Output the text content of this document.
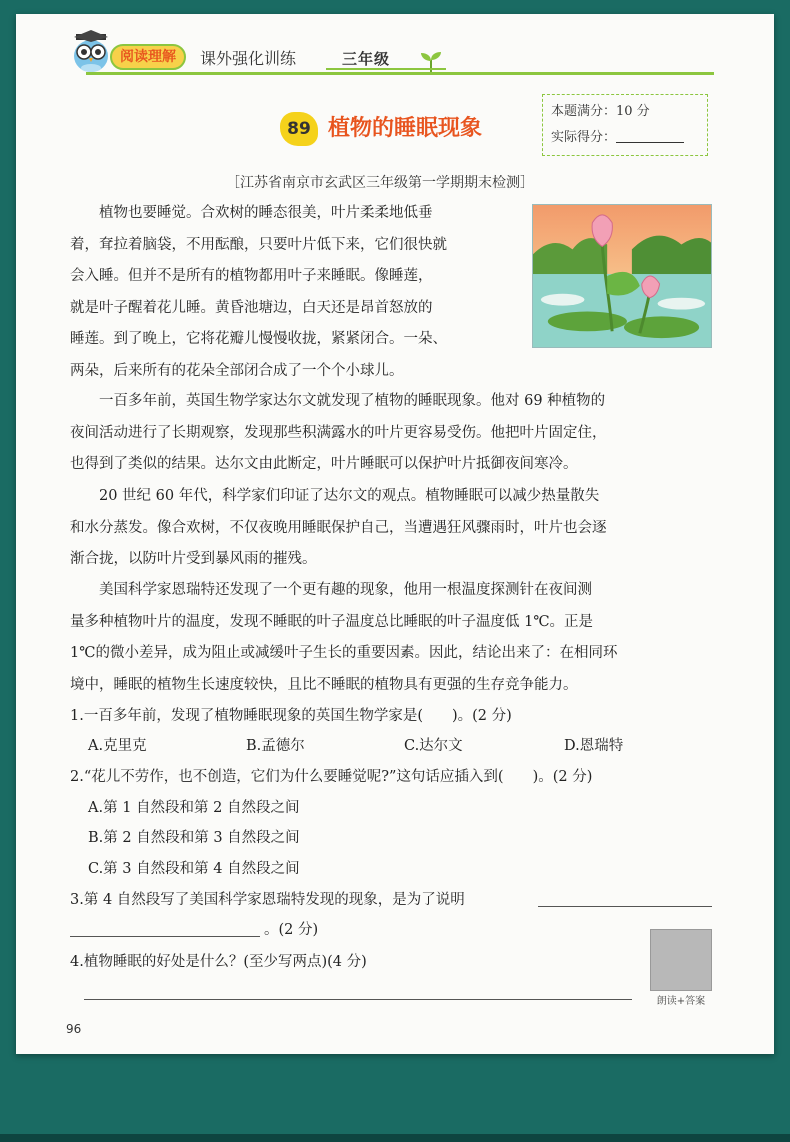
阅读理解	课外强化训练	三年级
89 植物的睡眠现象
本题满分：10 分
实际得分：
［江苏省南京市玄武区三年级第一学期期末检测］
植物也要睡觉。合欢树的睡态很美，叶片柔柔地低垂
着，耷拉着脑袋，不用酝酿，只要叶片低下来，它们很快就
会入睡。但并不是所有的植物都用叶子来睡眠。像睡莲，
就是叶子醒着花儿睡。黄昏池塘边，白天还是昂首怒放的
睡莲。到了晚上，它将花瓣儿慢慢收拢，紧紧闭合。一朵、
两朵，后来所有的花朵全部闭合成了一个个小球儿。
一百多年前，英国生物学家达尔文就发现了植物的睡眠现象。他对 69 种植物的
夜间活动进行了长期观察，发现那些积满露水的叶片更容易受伤。他把叶片固定住，
也得到了类似的结果。达尔文由此断定，叶片睡眠可以保护叶片抵御夜间寒冷。
20 世纪 60 年代，科学家们印证了达尔文的观点。植物睡眠可以减少热量散失
和水分蒸发。像合欢树，不仅夜晚用睡眠保护自己，当遭遇狂风骤雨时，叶片也会逐
渐合拢，以防叶片受到暴风雨的摧残。
美国科学家恩瑞特还发现了一个更有趣的现象，他用一根温度探测针在夜间测
量多种植物叶片的温度，发现不睡眠的叶子温度总比睡眠的叶子温度低 1℃。正是
1℃的微小差异，成为阻止或减缓叶子生长的重要因素。因此，结论出来了：在相同环
境中，睡眠的植物生长速度较快，且比不睡眠的植物具有更强的生存竞争能力。
1.一百多年前，发现了植物睡眠现象的英国生物学家是(　　)。(2 分)
A.克里克	B.孟德尔	C.达尔文	D.恩瑞特
2.“花儿不劳作，也不创造，它们为什么要睡觉呢?”这句话应插入到(　　)。(2 分)
A.第 1 自然段和第 2 自然段之间
B.第 2 自然段和第 3 自然段之间
C.第 3 自然段和第 4 自然段之间
3.第 4 自然段写了美国科学家恩瑞特发现的现象，是为了说明
。(2 分)
4.植物睡眠的好处是什么？(至少写两点)(4 分)
朗读+答案
96
